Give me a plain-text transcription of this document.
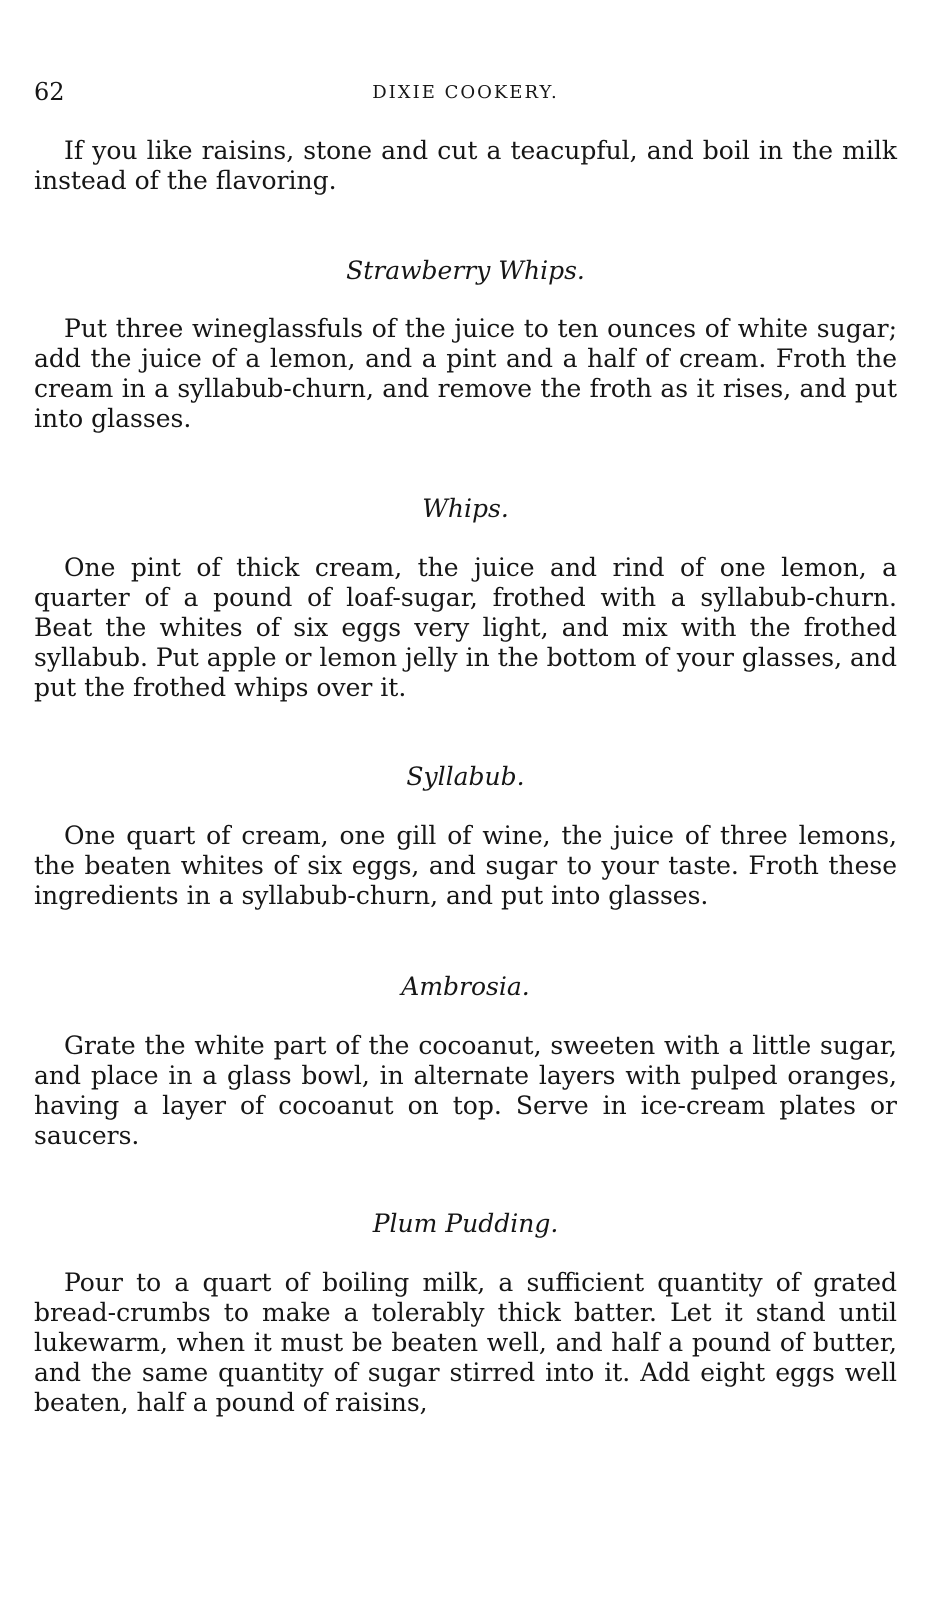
62	DIXIE COOKERY.

If you like raisins, stone and cut a teacupful, and boil in the milk instead of the flavoring.

Strawberry Whips.

Put three wineglassfuls of the juice to ten ounces of white sugar; add the juice of a lemon, and a pint and a half of cream. Froth the cream in a syllabub-churn, and remove the froth as it rises, and put into glasses.

Whips.

One pint of thick cream, the juice and rind of one lemon, a quarter of a pound of loaf-sugar, frothed with a syllabub-churn. Beat the whites of six eggs very light, and mix with the frothed syllabub. Put apple or lemon jelly in the bottom of your glasses, and put the frothed whips over it.

Syllabub.

One quart of cream, one gill of wine, the juice of three lemons, the beaten whites of six eggs, and sugar to your taste. Froth these ingredients in a syllabub-churn, and put into glasses.

Ambrosia.

Grate the white part of the cocoanut, sweeten with a little sugar, and place in a glass bowl, in alternate layers with pulped oranges, having a layer of cocoanut on top. Serve in ice-cream plates or saucers.

Plum Pudding.

Pour to a quart of boiling milk, a sufficient quantity of grated bread-crumbs to make a tolerably thick batter. Let it stand until lukewarm, when it must be beaten well, and half a pound of butter, and the same quantity of sugar stirred into it. Add eight eggs well beaten, half a pound of raisins,
